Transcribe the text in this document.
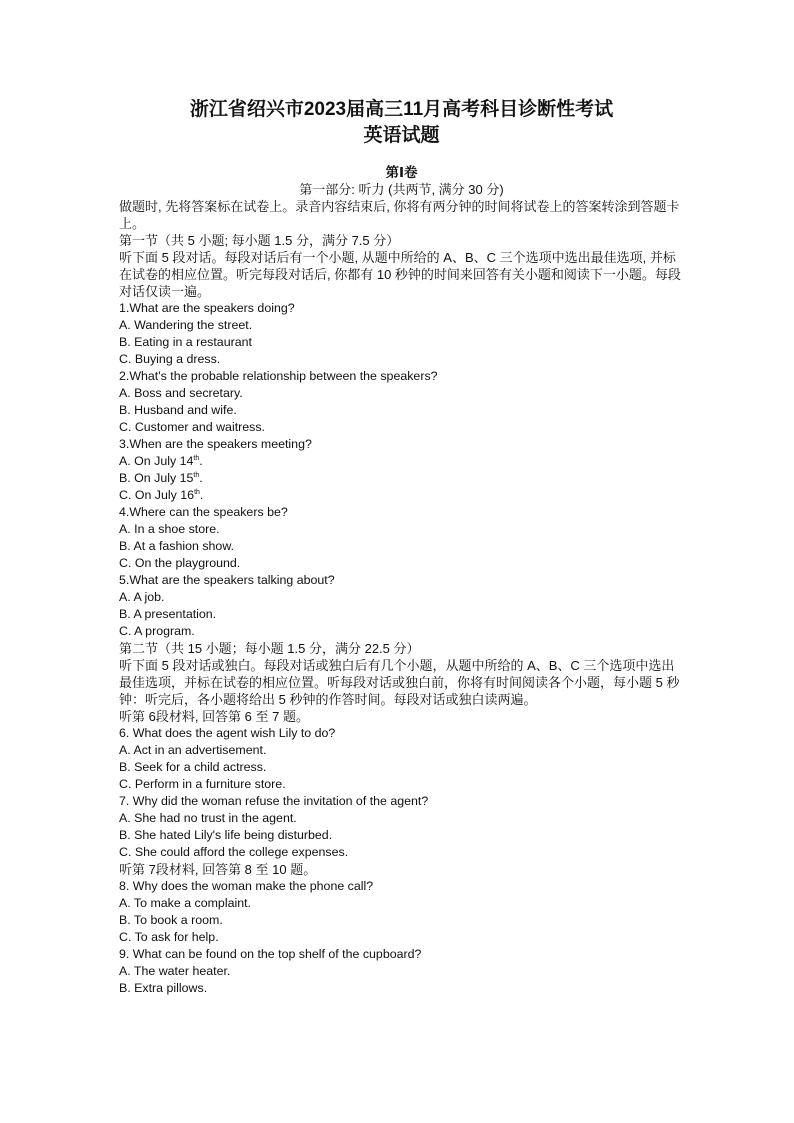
浙江省绍兴市2023届高三11月高考科目诊断性考试
英语试题
第Ⅰ卷
第一部分: 听力 (共两节, 满分 30 分)
做题时, 先将答案标在试卷上。录音内容结束后, 你将有两分钟的时间将试卷上的答案转涂到答题卡上。
第一节（共 5 小题; 每小题 1.5 分，满分 7.5 分）
听下面 5 段对话。每段对话后有一个小题, 从题中所给的 A、B、C 三个选项中选出最佳选项, 并标在试卷的相应位置。听完每段对话后, 你都有 10 秒钟的时间来回答有关小题和阅读下一小题。每段对话仅读一遍。
1.What are the speakers doing?
A. Wandering the street.
B. Eating in a restaurant
C. Buying a dress.
2.What's the probable relationship between the speakers?
A. Boss and secretary.
B. Husband and wife.
C. Customer and waitress.
3.When are the speakers meeting?
A. On July 14th.
B. On July 15th.
C. On July 16th.
4.Where can the speakers be?
A. In a shoe store.
B. At a fashion show.
C. On the playground.
5.What are the speakers talking about?
A. A job.
B. A presentation.
C. A program.
第二节（共 15 小题；每小题 1.5 分，满分 22.5 分）
听下面 5 段对话或独白。每段对话或独白后有几个小题，从题中所给的 A、B、C 三个选项中选出最佳选项，并标在试卷的相应位置。听每段对话或独白前，你将有时间阅读各个小题，每小题 5 秒钟：听完后，各小题将给出 5 秒钟的作答时间。每段对话或独白读两遍。
听第 6段材料, 回答第 6 至 7 题。
6. What does the agent wish Lily to do?
A. Act in an advertisement.
B. Seek for a child actress.
C. Perform in a furniture store.
7. Why did the woman refuse the invitation of the agent?
A. She had no trust in the agent.
B. She hated Lily's life being disturbed.
C. She could afford the college expenses.
听第 7段材料, 回答第 8 至 10 题。
8. Why does the woman make the phone call?
A. To make a complaint.
B. To book a room.
C. To ask for help.
9. What can be found on the top shelf of the cupboard?
A. The water heater.
B. Extra pillows.
